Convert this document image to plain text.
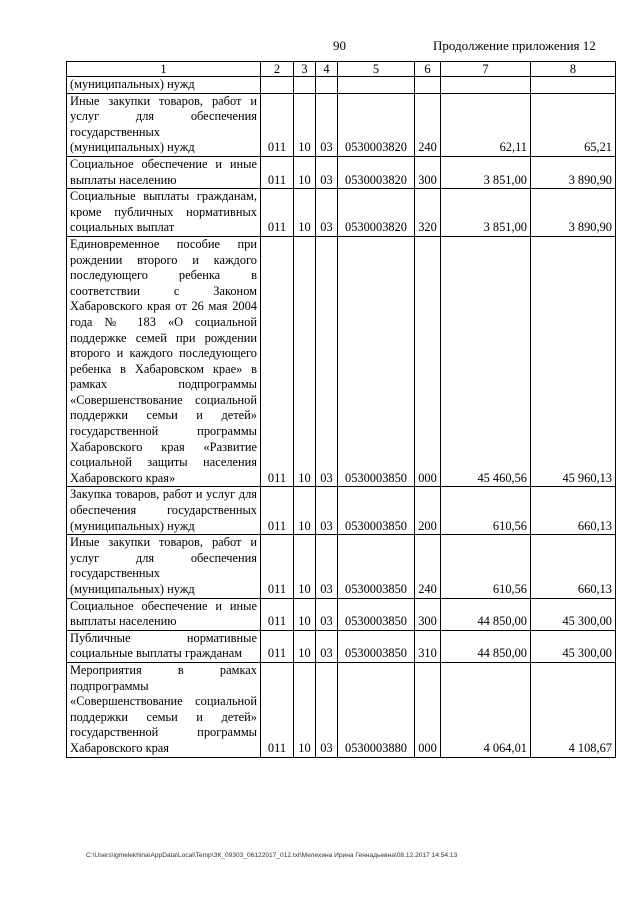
90	Продолжение приложения 12
1	2	3	4	5	6	7	8
(муниципальных) нужд							
Иные закупки товаров, работ и услуг для обеспечения государственных (муниципальных) нужд	011	10	03	0530003820	240	62,11	65,21
Социальное обеспечение и иные выплаты населению	011	10	03	0530003820	300	3 851,00	3 890,90
Социальные выплаты гражданам, кроме публичных нормативных социальных выплат	011	10	03	0530003820	320	3 851,00	3 890,90
Единовременное пособие при рождении второго и каждого последующего ребенка в соответствии с Законом Хабаровского края от 26 мая 2004 года № 183 «О социальной поддержке семей при рождении второго и каждого последующего ребенка в Хабаровском крае» в рамках подпрограммы «Совершенствование социальной поддержки семьи и детей» государственной программы Хабаровского края «Развитие социальной защиты населения Хабаровского края»	011	10	03	0530003850	000	45 460,56	45 960,13
Закупка товаров, работ и услуг для обеспечения государственных (муниципальных) нужд	011	10	03	0530003850	200	610,56	660,13
Иные закупки товаров, работ и услуг для обеспечения государственных (муниципальных) нужд	011	10	03	0530003850	240	610,56	660,13
Социальное обеспечение и иные выплаты населению	011	10	03	0530003850	300	44 850,00	45 300,00
Публичные нормативные социальные выплаты гражданам	011	10	03	0530003850	310	44 850,00	45 300,00
Мероприятия в рамках подпрограммы «Совершенствование социальной поддержки семьи и детей» государственной программы Хабаровского края	011	10	03	0530003880	000	4 064,01	4 108,67
C:\Users\igmelekhina\AppData\Local\Temp\ЗК_09303_06122017_012.txt\Мелехина Ирина Геннадьевна\08.12.2017 14:54:13
